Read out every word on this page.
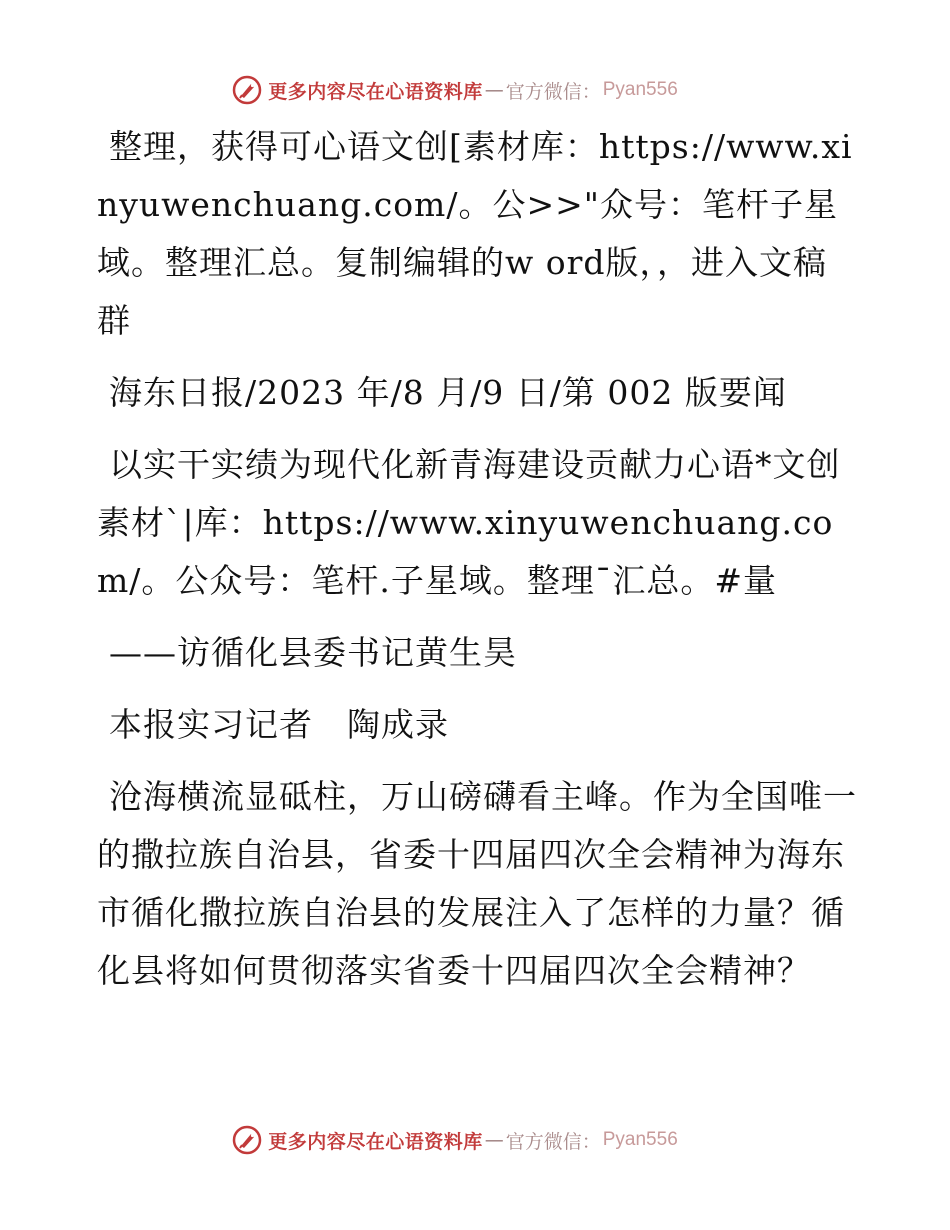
更多内容尽在心语资料库 — 官方微信： Pyan556

整理，获得可心语文创[素材库：https://www.xinyuwenchuang.com/。公>>"众号：笔杆子星域。整理汇总。复制编辑的w ord版，，进入文稿群

海东日报/2023 年/8 月/9 日/第 002 版要闻

以实干实绩为现代化新青海建设贡献力心语*文创素材`|库：https://www.xinyuwenchuang.com/。公众号：笔杆.子星域。整理¯汇总。#量

——访循化县委书记黄生昊

本报实习记者　陶成录

沧海横流显砥柱，万山磅礴看主峰。作为全国唯一的撒拉族自治县，省委十四届四次全会精神为海东市循化撒拉族自治县的发展注入了怎样的力量？循化县将如何贯彻落实省委十四届四次全会精神？

更多内容尽在心语资料库 — 官方微信： Pyan556
